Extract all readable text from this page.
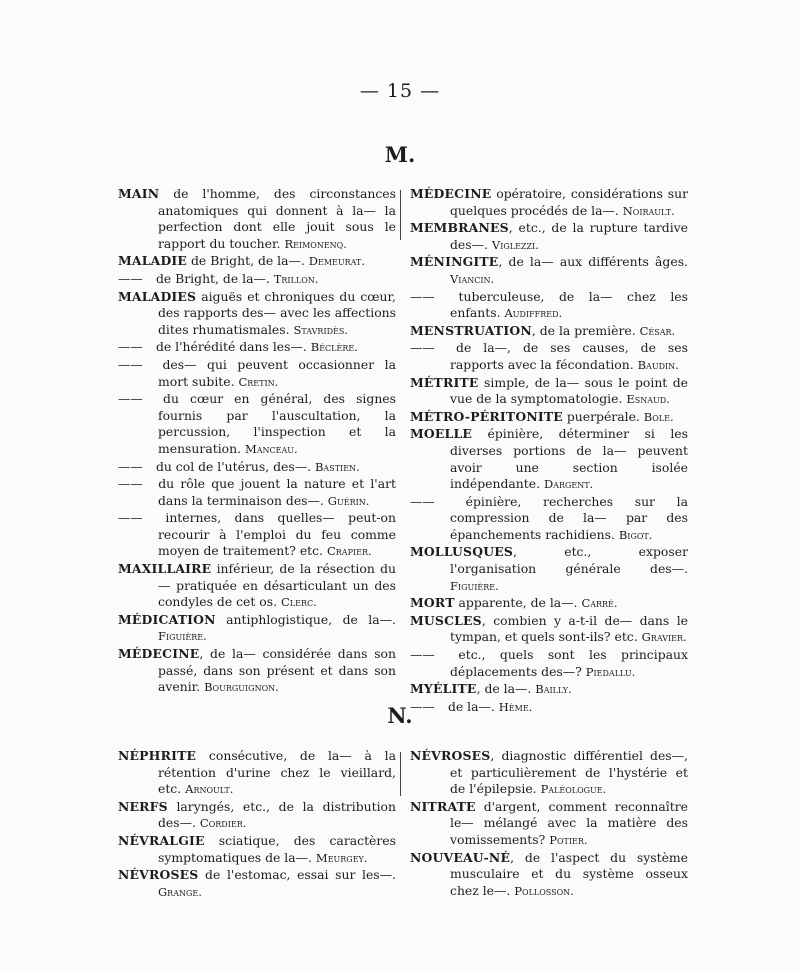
— 15 —
M.

MAIN de l'homme, des circonstances anatomiques qui donnent à la— la perfection dont elle jouit sous le rapport du toucher. Reimonenq.

MALADIE de Bright, de la—. Demeurat.

—— de Bright, de la—. Trillon.

MALADIES aiguës et chroniques du cœur, des rapports des— avec les affections dites rhumatismales. Stavridès.

—— de l'hérédité dans les—. Béclère.

—— des— qui peuvent occasionner la mort subite. Cretin.

—— du cœur en général, des signes fournis par l'auscultation, la percussion, l'inspection et la mensuration. Manceau.

—— du col de l'utérus, des—. Bastien.

—— du rôle que jouent la nature et l'art dans la terminaison des—. Guérin.

—— internes, dans quelles— peut-on recourir à l'emploi du feu comme moyen de traitement? etc. Crapier.

MAXILLAIRE inférieur, de la résection du— pratiquée en désarticulant un des condyles de cet os. Clerc.

MÉDICATION antiphlogistique, de la—. Figuière.

MÉDECINE, de la— considérée dans son passé, dans son présent et dans son avenir. Bourguignon.

MÉDECINE opératoire, considérations sur quelques procédés de la—. Noirault.

MEMBRANES, etc., de la rupture tardive des—. Viglezzi.

MÉNINGITE, de la— aux différents âges. Viancin.

—— tuberculeuse, de la— chez les enfants. Audiffred.

MENSTRUATION, de la première. César.

—— de la—, de ses causes, de ses rapports avec la fécondation. Baudin.

MÉTRITE simple, de la— sous le point de vue de la symptomatologie. Esnaud.

MÉTRO-PÉRITONITE puerpérale. Bole.

MOELLE épinière, déterminer si les diverses portions de la— peuvent avoir une section isolée indépendante. Dargent.

—— épinière, recherches sur la compression de la— par des épanchements rachidiens. Bigot.

MOLLUSQUES, etc., exposer l'organisation générale des—. Figuière.

MORT apparente, de la—. Carré.

MUSCLES, combien y a-t-il de— dans le tympan, et quels sont-ils? etc. Gravier.

—— etc., quels sont les principaux déplacements des—? Piedallu.

MYÉLITE, de la—. Bailly.

—— de la—. Hème.

N.

NÉPHRITE consécutive, de la— à la rétention d'urine chez le vieillard, etc. Arnoult.

NERFS laryngés, etc., de la distribution des—. Cordier.

NÉVRALGIE sciatique, des caractères symptomatiques de la—. Meurgey.

NÉVROSES de l'estomac, essai sur les—. Grange.

NÉVROSES, diagnostic différentiel des—, et particulièrement de l'hystérie et de l'épilepsie. Paléologue.

NITRATE d'argent, comment reconnaître le— mélangé avec la matière des vomissements? Potier.

NOUVEAU-NÉ, de l'aspect du système musculaire et du système osseux chez le—. Pollosson.
